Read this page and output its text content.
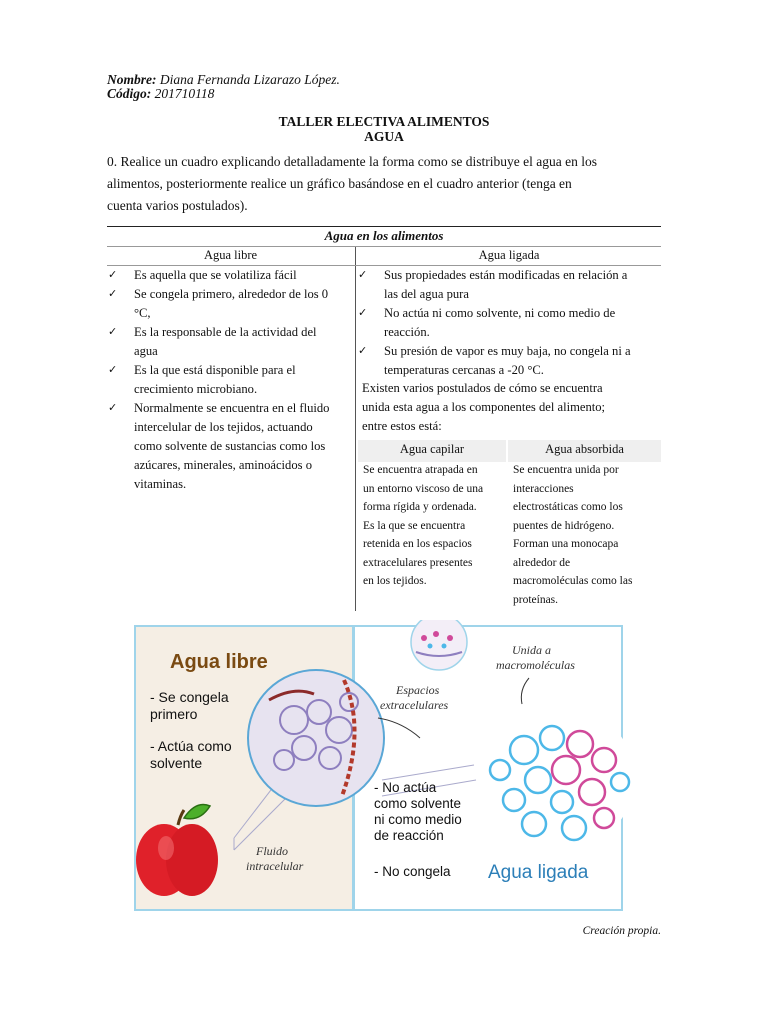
Nombre: Diana Fernanda Lizarazo López.
Código: 201710118
TALLER ELECTIVA ALIMENTOS
AGUA
0. Realice un cuadro explicando detalladamente la forma como se distribuye el agua en los
alimentos, posteriormente realice un gráfico basándose en el cuadro anterior (tenga en
cuenta varios postulados).
Agua en los alimentos
Agua libre	Agua ligada
✓ Es aquella que se volatiliza fácil
✓ Se congela primero, alrededor de los 0
°C,
✓ Es la responsable de la actividad del
agua
✓ Es la que está disponible para el
crecimiento microbiano.
✓ Normalmente se encuentra en el fluido
intercelular de los tejidos, actuando
como solvente de sustancias como los
azúcares, minerales, aminoácidos o
vitaminas.
✓ Sus propiedades están modificadas en relación a
las del agua pura
✓ No actúa ni como solvente, ni como medio de
reacción.
✓ Su presión de vapor es muy baja, no congela ni a
temperaturas cercanas a -20 °C.
Existen varios postulados de cómo se encuentra
unida esta agua a los componentes del alimento;
entre estos está:
Agua capilar	Agua absorbida
Se encuentra atrapada en
un entorno viscoso de una
forma rígida y ordenada.
Es la que se encuentra
retenida en los espacios
extracelulares presentes
en los tejidos.
Se encuentra unida por
interacciones
electrostáticas como los
puentes de hidrógeno.
Forman una monocapa
alrededor de
macromoléculas como las
proteínas.
Agua libre
- Se congela
primero
- Actúa como
solvente
Fluido
intracelular
Espacios
extracelulares
Unida a
macromoléculas
- No actúa
como solvente
ni como medio
de reacción
- No congela Agua ligada
Creación propia.
